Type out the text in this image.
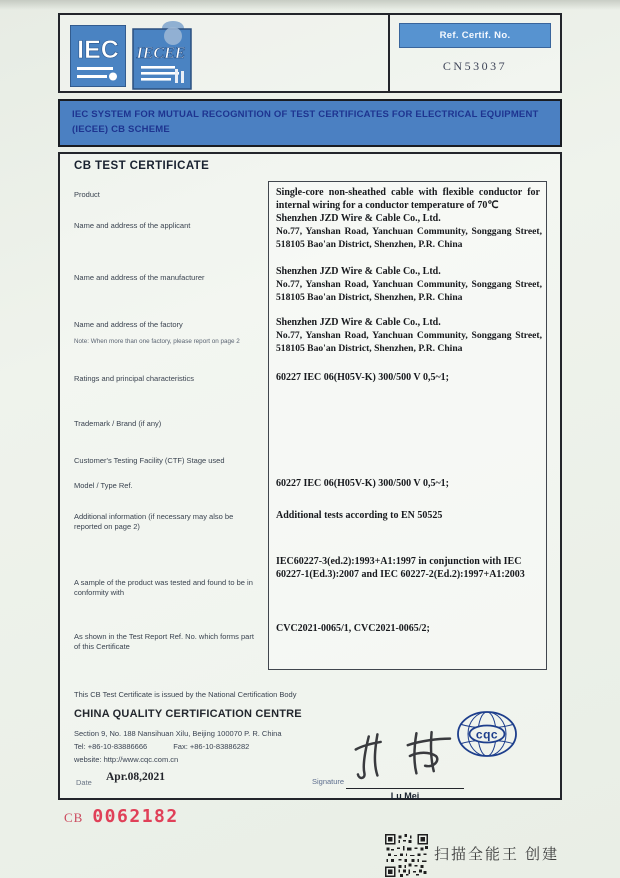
IEC IECEE
Ref. Certif. No.
CN53037
IEC SYSTEM FOR MUTUAL RECOGNITION OF TEST CERTIFICATES FOR ELECTRICAL EQUIPMENT (IECEE) CB SCHEME
CB TEST CERTIFICATE
Product
Name and address of the applicant
Name and address of the manufacturer
Name and address of the factory
Note: When more than one factory, please report on page 2
Ratings and principal characteristics
Trademark / Brand (if any)
Customer's Testing Facility (CTF) Stage used
Model / Type Ref.
Additional information (if necessary may also be reported on page 2)
A sample of the product was tested and found to be in conformity with
As shown in the Test Report Ref. No. which forms part of this Certificate
Single-core non-sheathed cable with flexible conductor for internal wiring for a conductor temperature of 70℃
Shenzhen JZD Wire & Cable Co., Ltd.
No.77, Yanshan Road, Yanchuan Community, Songgang Street, 518105 Bao'an District, Shenzhen, P.R. China
Shenzhen JZD Wire & Cable Co., Ltd.
No.77, Yanshan Road, Yanchuan Community, Songgang Street, 518105 Bao'an District, Shenzhen, P.R. China
Shenzhen JZD Wire & Cable Co., Ltd.
No.77, Yanshan Road, Yanchuan Community, Songgang Street, 518105 Bao'an District, Shenzhen, P.R. China
60227 IEC 06(H05V-K) 300/500 V 0,5~1;
60227 IEC 06(H05V-K) 300/500 V 0,5~1;
Additional tests according to EN 50525
IEC60227-3(ed.2):1993+A1:1997 in conjunction with IEC 60227-1(Ed.3):2007 and IEC 60227-2(Ed.2):1997+A1:2003
CVC2021-0065/1, CVC2021-0065/2;
This CB Test Certificate is issued by the National Certification Body
CHINA QUALITY CERTIFICATION CENTRE
Section 9, No. 188 Nansihuan Xilu, Beijing 100070 P. R. China
Tel: +86-10-83886666	Fax: +86-10-83886282
website: http://www.cqc.com.cn
Date Apr.08,2021	Signature
Lu Mei
cqc
CB 0062182
扫描全能王 创建
